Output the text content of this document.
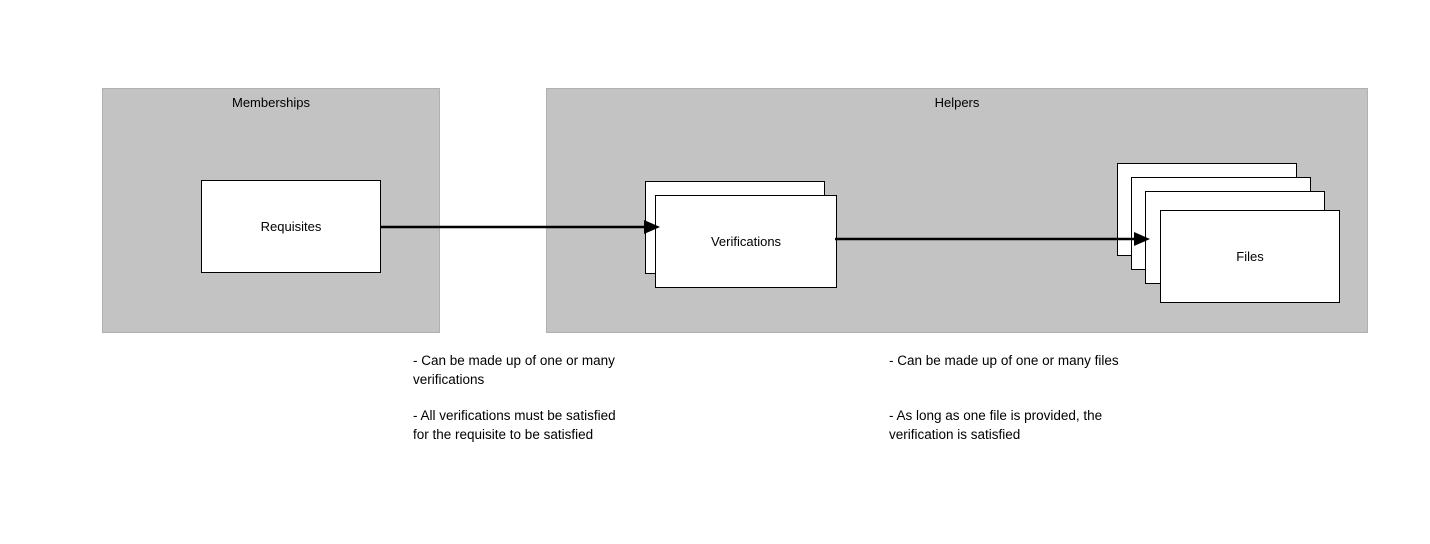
Memberships	Helpers
Requisites
Verifications
Files
- Can be made up of one or many verifications
- All verifications must be satisfied for the requisite to be satisfied
- Can be made up of one or many files
- As long as one file is provided, the verification is satisfied
